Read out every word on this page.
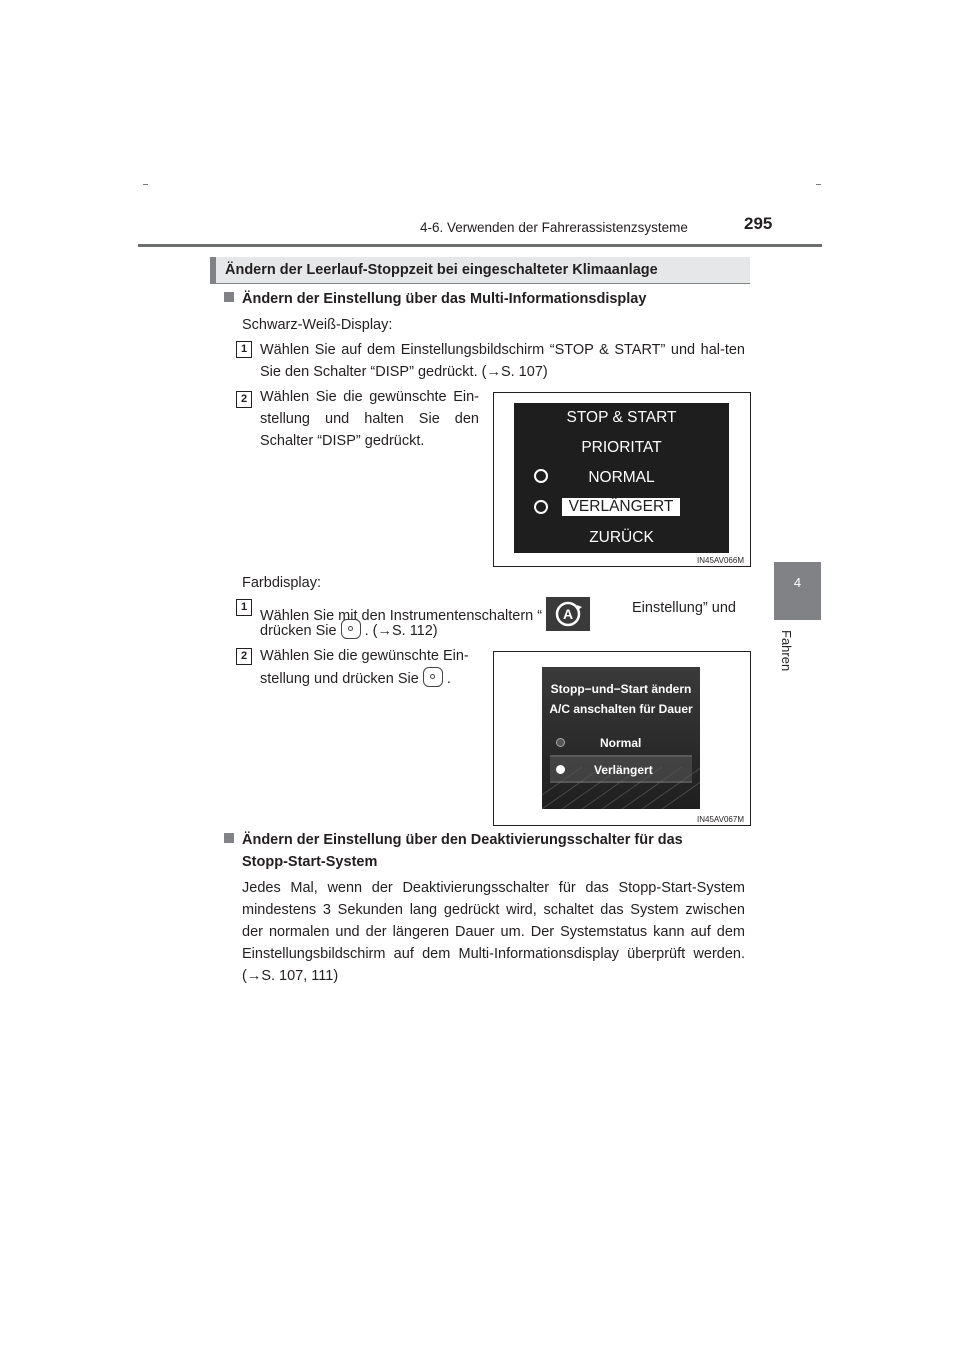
4-6. Verwenden der Fahrerassistenzsysteme	295
4
Fahren
Ändern der Leerlauf-Stoppzeit bei eingeschalteter Klimaanlage
Ändern der Einstellung über das Multi-Informationsdisplay
Schwarz-Weiß-Display:
1 Wählen Sie auf dem Einstellungsbildschirm “STOP & START” und hal-ten Sie den Schalter “DISP” gedrückt. (→S. 107)
2 Wählen Sie die gewünschte Ein-stellung und halten Sie den Schalter “DISP” gedrückt.
STOP & START
PRIORITAT
NORMAL
VERLÄNGERT
ZURÜCK
IN45AV066M
Farbdisplay:
1
Wählen Sie mit den Instrumentenschaltern “ A	Einstellung” und
drücken Sie . (→S. 112)
2 Wählen Sie die gewünschte Ein-
stellung und drücken Sie .
Stopp−und−Start ändern
A/C anschalten für Dauer
Normal
Verlängert
IN45AV067M
Ändern der Einstellung über den Deaktivierungsschalter für das
Stopp-Start-System
Jedes Mal, wenn der Deaktivierungsschalter für das Stopp-Start-System mindestens 3 Sekunden lang gedrückt wird, schaltet das System zwischen der normalen und der längeren Dauer um. Der Systemstatus kann auf dem Einstellungsbildschirm auf dem Multi-Informationsdisplay überprüft werden. (→S. 107, 111)
